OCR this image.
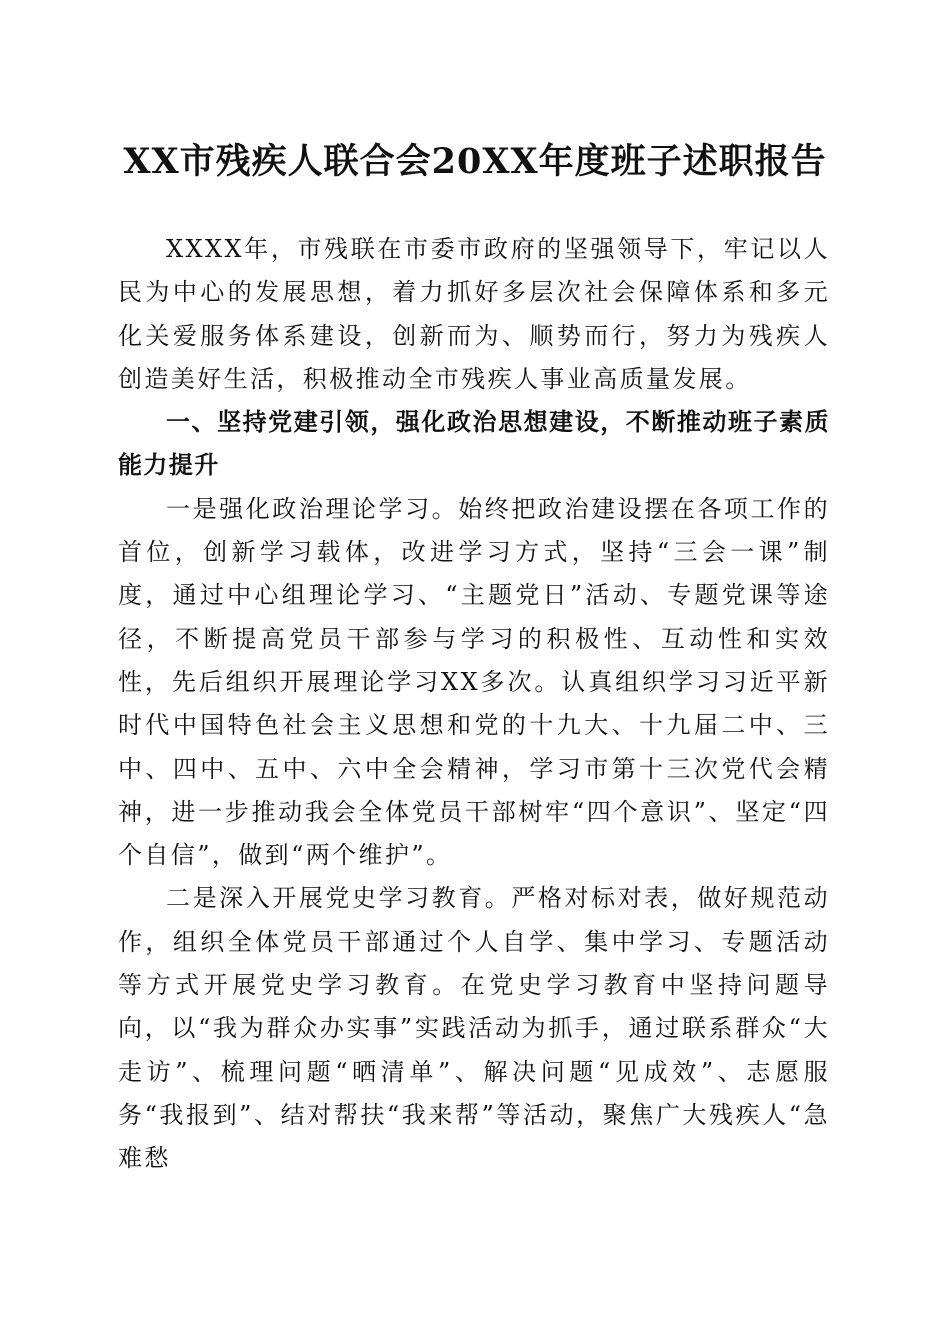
XX市残疾人联合会20XX年度班子述职报告

XXXX年，市残联在市委市政府的坚强领导下，牢记以人民为中心的发展思想，着力抓好多层次社会保障体系和多元化关爱服务体系建设，创新而为、顺势而行，努力为残疾人创造美好生活，积极推动全市残疾人事业高质量发展。

一、坚持党建引领，强化政治思想建设，不断推动班子素质能力提升

一是强化政治理论学习。始终把政治建设摆在各项工作的首位，创新学习载体，改进学习方式，坚持“三会一课”制度，通过中心组理论学习、“主题党日”活动、专题党课等途径，不断提高党员干部参与学习的积极性、互动性和实效性，先后组织开展理论学习XX多次。认真组织学习习近平新时代中国特色社会主义思想和党的十九大、十九届二中、三中、四中、五中、六中全会精神，学习市第十三次党代会精神，进一步推动我会全体党员干部树牢“四个意识”、坚定“四个自信”，做到“两个维护”。

二是深入开展党史学习教育。严格对标对表，做好规范动作，组织全体党员干部通过个人自学、集中学习、专题活动等方式开展党史学习教育。在党史学习教育中坚持问题导向，以“我为群众办实事”实践活动为抓手，通过联系群众“大走访”、梳理问题“晒清单”、解决问题“见成效”、志愿服务“我报到”、结对帮扶“我来帮”等活动，聚焦广大残疾人“急难愁
